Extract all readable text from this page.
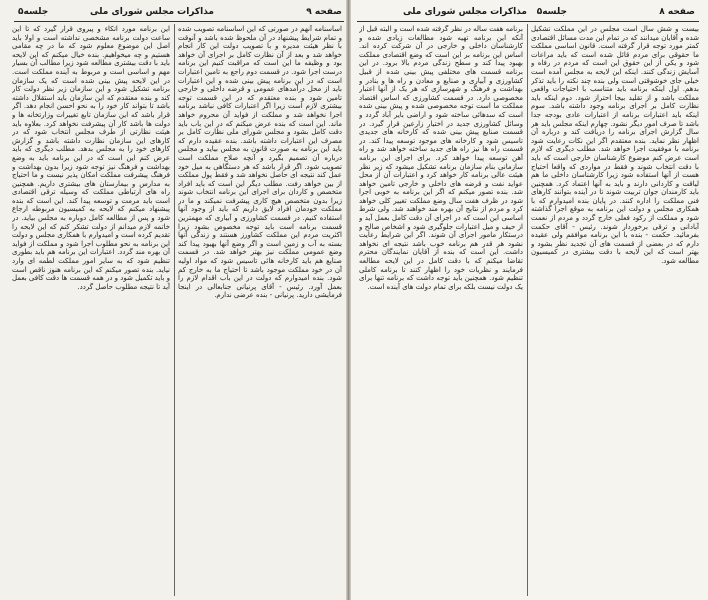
صفحه ۹
مذاکرات مجلس شورای ملی
جلسه۵

اساسنامه آنهم در صورتی که این اساسنامه تصویب شده و تمام شرایط پیشنهاد در آن ملحوظ شده باشد و آنوقت با نظر هیئت مدیره و با تصویب دولت این کار انجام خواهد شد و بعد از آن نظارت کامل بر اجرای آن خواهد بود و وظیفه ما این است که مراقبت کنیم این برنامه درست اجرا شود. در قسمت دوم راجع به تامین اعتبارات است که در این برنامه پیش بینی شده و این اعتبارات باید از محل درآمدهای عمومی و قرضه داخلی و خارجی تامین شود و بنده معتقدم که در این قسمت توجه بیشتری لازم است زیرا اگر اعتبارات کافی نباشد برنامه اجرا نخواهد شد و مملکت از فواید آن محروم خواهد ماند. این است که بنده عرض میکنم که در این باب باید دقت کامل بشود و مجلس شورای ملی نظارت کامل بر مصرف این اعتبارات داشته باشد. بنده عقیده دارم که باید این برنامه به صورت قانون به مجلس بیاید و مجلس درباره آن تصمیم بگیرد و آنچه صلاح مملکت است تصویب شود. اگر قرار باشد که هر دستگاهی به میل خود عمل کند نتیجه ای حاصل نخواهد شد و فقط پول مملکت از بین خواهد رفت. مطلب دیگر این است که باید افراد متخصص و کاردان برای اجرای این برنامه انتخاب شوند زیرا بدون متخصص هیچ کاری پیشرفت نمیکند و ما در مملکت خودمان افراد لایق داریم که باید از وجود آنها استفاده کنیم. در قسمت کشاورزی و آبیاری که مهمترین قسمت برنامه است باید توجه مخصوص بشود زیرا اکثریت مردم این مملکت کشاورز هستند و زندگی آنها بسته به آب و زمین است و اگر وضع آنها بهبود پیدا کند وضع عمومی مملکت نیز بهتر خواهد شد. در قسمت صنایع هم باید کارخانه هائی تاسیس شود که مواد اولیه آن در خود مملکت موجود باشد تا احتیاج ما به خارج کم شود. بنده امیدوارم که دولت در این باب اقدام لازم را بعمل آورد. رئیس - آقای پرنیانی جنابعالی در اینجا فرمایشی دارید. پرنیانی - بنده عرضی ندارم.

این برنامه مورد اتکاء و پیروی قرار گیرد که تا این ساعت دولت برنامه مشخصی نداشته است و اولا باید اصل این موضوع معلوم شود که ما در چه مقامی هستیم و چه میخواهیم. بنده خیال میکنم که این لایحه باید با دقت بیشتری مطالعه شود زیرا مطالب آن بسیار مهم و اساسی است و مربوط به آینده مملکت است. در این لایحه پیش بینی شده است که یک سازمان برنامه تشکیل شود و این سازمان زیر نظر دولت کار کند و بنده معتقدم که این سازمان باید استقلال داشته باشد تا بتواند کار خود را به نحو احسن انجام دهد. اگر قرار باشد که این سازمان تابع تغییرات وزارتخانه ها و دولت ها باشد کار آن پیشرفت نخواهد کرد. بعلاوه باید هیئت نظارتی از طرف مجلس انتخاب شود که در کارهای این سازمان نظارت داشته باشد و گزارش کارهای خود را به مجلس بدهد. مطلب دیگری که باید عرض کنم این است که در این برنامه باید به وضع بهداشت و فرهنگ نیز توجه شود زیرا بدون بهداشت و فرهنگ پیشرفت مملکت امکان پذیر نیست و ما احتیاج به مدارس و بیمارستان های بیشتری داریم. همچنین راه های ارتباطی مملکت که وسیله ترقی اقتصادی است باید مرمت و توسعه پیدا کند. این است که بنده پیشنهاد میکنم که لایحه به کمیسیون مربوطه ارجاع شود و پس از مطالعه کامل دوباره به مجلس بیاید. در خاتمه لازم میدانم از دولت تشکر کنم که این لایحه را تقدیم کرده است و امیدوارم با همکاری مجلس و دولت این برنامه به نحو مطلوب اجرا شود و مملکت از فواید آن بهره مند گردد. اعتبارات این برنامه هم باید بطوری تنظیم شود که به سایر امور مملکت لطمه ای وارد نیاید. بنده تصور میکنم که این برنامه هنوز ناقص است و باید تکمیل شود و در همه قسمت ها دقت کافی بعمل آید تا نتیجه مطلوب حاصل گردد.

جلسه۵
مذاکرات مجلس شورای ملی	صفحه ۸

بیست و شش سال است مجلس در این مملکت تشکیل شده و آقایان میدانند که در تمام این مدت مسائل اقتصادی کمتر مورد توجه قرار گرفته است. قانون اساسی مملکت ما حقوقی برای مردم قائل شده است که باید مراعات شود و یکی از این حقوق این است که مردم در رفاه و آسایش زندگی کنند. اینکه این لایحه به مجلس آمده است خیلی جای خوشوقتی است ولی بنده چند نکته را باید تذکر بدهم. اول اینکه برنامه باید متناسب با احتیاجات واقعی مملکت باشد و از تقلید بیجا احتراز شود. دوم اینکه باید نظارت کامل بر اجرای برنامه وجود داشته باشد. سوم اینکه باید اعتبارات برنامه از اعتبارات عادی بودجه جدا باشد تا صرف امور دیگر نشود. چهارم اینکه مجلس باید هر سال گزارش اجرای برنامه را دریافت کند و درباره آن اظهار نظر نماید. بنده معتقدم اگر این نکات رعایت شود برنامه با موفقیت اجرا خواهد شد. مطلب دیگری که لازم است عرض کنم موضوع کارشناسان خارجی است که باید با دقت انتخاب شوند و فقط در مواردی که واقعا احتیاج هست از آنها استفاده شود زیرا کارشناسان داخلی ما هم لیاقت و کاردانی دارند و باید به آنها اعتماد کرد. همچنین باید کارمندان جوان تربیت شوند تا در آینده بتوانند کارهای فنی مملکت را اداره کنند. در پایان بنده امیدوارم که با همکاری مجلس و دولت این برنامه به موقع اجرا گذاشته شود و مملکت از رکود فعلی خارج گردد و مردم از نعمت آبادانی و ترقی برخوردار شوند. رئیس - آقای حکمت بفرمائید. حکمت - بنده با این برنامه موافقم ولی عقیده دارم که در بعضی از قسمت های آن تجدید نظر بشود و بهتر است که این لایحه با دقت بیشتری در کمیسیون مطالعه شود.

برنامه هفت ساله در نظر گرفته شده است و البته قبل از آنکه این برنامه تهیه شود مطالعات زیادی شده و کارشناسان داخلی و خارجی در آن شرکت کرده اند. اساس این برنامه بر این است که وضع اقتصادی مملکت بهبود پیدا کند و سطح زندگی مردم بالا برود. در این برنامه قسمت های مختلفی پیش بینی شده از قبیل کشاورزی و آبیاری و صنایع و معادن و راه ها و بنادر و بهداشت و فرهنگ و شهرسازی که هر یک از آنها اعتبار مخصوصی دارد. در قسمت کشاورزی که اساس اقتصاد مملکت ما است توجه مخصوصی شده و پیش بینی شده است که سدهائی ساخته شود و اراضی بایر آباد گردد و وسائل کشاورزی جدید در اختیار زارعین قرار گیرد. در قسمت صنایع پیش بینی شده که کارخانه های جدیدی تاسیس شود و کارخانه های موجود توسعه پیدا کند. در قسمت راه ها نیز راه های جدید ساخته خواهد شد و راه آهن توسعه پیدا خواهد کرد. برای اجرای این برنامه سازمانی بنام سازمان برنامه تشکیل میشود که زیر نظر هیئت عالی برنامه کار خواهد کرد و اعتبارات آن از محل عواید نفت و قرضه های داخلی و خارجی تامین خواهد شد. بنده تصور میکنم که اگر این برنامه به خوبی اجرا شود در ظرف هفت سال وضع مملکت تغییر کلی خواهد کرد و مردم از نتایج آن بهره مند خواهند شد. ولی شرط اساسی این است که در اجرای آن دقت کامل بعمل آید و از حیف و میل اعتبارات جلوگیری شود و اشخاص صالح و درستکار مامور اجرای آن شوند. اگر این شرایط رعایت نشود هر قدر هم برنامه خوب باشد نتیجه ای نخواهد داشت. این است که بنده از آقایان نمایندگان محترم تقاضا میکنم که با دقت کامل در این لایحه مطالعه فرمایند و نظریات خود را اظهار کنند تا برنامه کاملی تنظیم شود. همچنین باید توجه داشت که برنامه تنها برای یک دولت نیست بلکه برای تمام دولت های آینده است.
